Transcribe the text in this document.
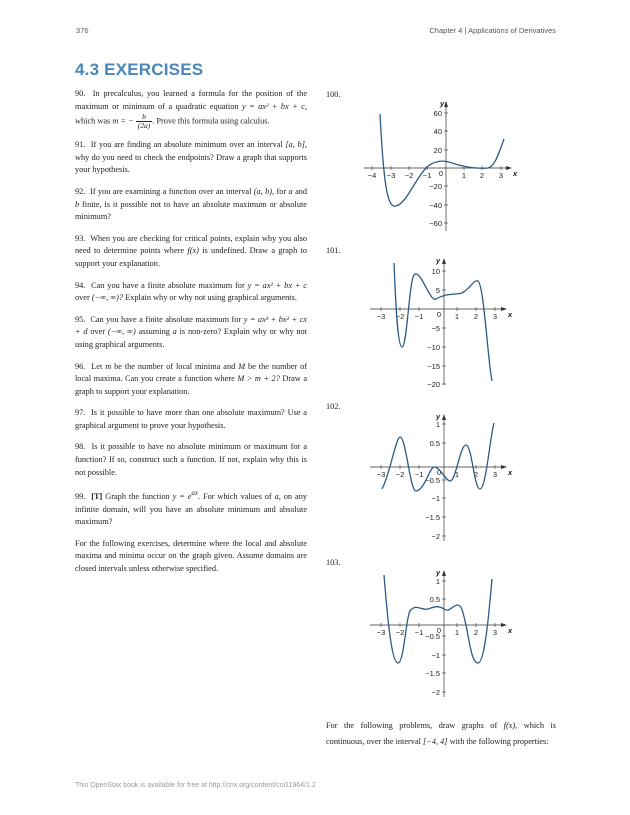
376	Chapter 4 | Applications of Derivatives
4.3 EXERCISES

90. In precalculus, you learned a formula for the position of the maximum or minimum of a quadratic equation y = ax² + bx + c, which was m = − $\frac{b}{(2a)}$ . Prove this formula using calculus.

91. If you are finding an absolute minimum over an interval [a, b], why do you need to check the endpoints? Draw a graph that supports your hypothesis.

92. If you are examining a function over an interval (a, b), for a and b finite, is it possible not to have an absolute maximum or absolute minimum?

93. When you are checking for critical points, explain why you also need to determine points where f(x) is undefined. Draw a graph to support your explanation.

94. Can you have a finite absolute maximum for y = ax² + bx + c over (−∞, ∞)? Explain why or why not using graphical arguments.

95. Can you have a finite absolute maximum for y = ax³ + bx² + cx + d over (−∞, ∞) assuming a is non-zero? Explain why or why not using graphical arguments.

96. Let m be the number of local minima and M be the number of local maxima. Can you create a function where M > m + 2? Draw a graph to support your explanation.

97. Is it possible to have more than one absolute maximum? Use a graphical argument to prove your hypothesis.

98. Is it possible to have no absolute minimum or maximum for a function? If so, construct such a function. If not, explain why this is not possible.

99. [T] Graph the function $y = e^{ax}$. For which values of a, on any infinite domain, will you have an absolute minimum and absolute maximum?

For the following exercises, determine where the local and absolute maxima and minima occur on the graph given. Assume domains are closed intervals unless otherwise specified.

100.
101.
102.
103.
−4 −3 −2 −1 0	1 2 3
60
40
20
−20
−40
−60
x
y
−3 −2 −1 0 1 2 3
10
5
−5
−10
−15
−20
x
y
−3 −2 −1 0 1 2 3
1
0.5
−0.5
−1
−1.5
−2
x
y
−3 −2 −1 0 1 2 3
1
0.5
−0.5
−1
−1.5
−2
x
y

For the following problems, draw graphs of f(x), which is continuous, over the interval [−4, 4] with the following properties:

This OpenStax book is available for free at http://cnx.org/content/col11964/1.2
